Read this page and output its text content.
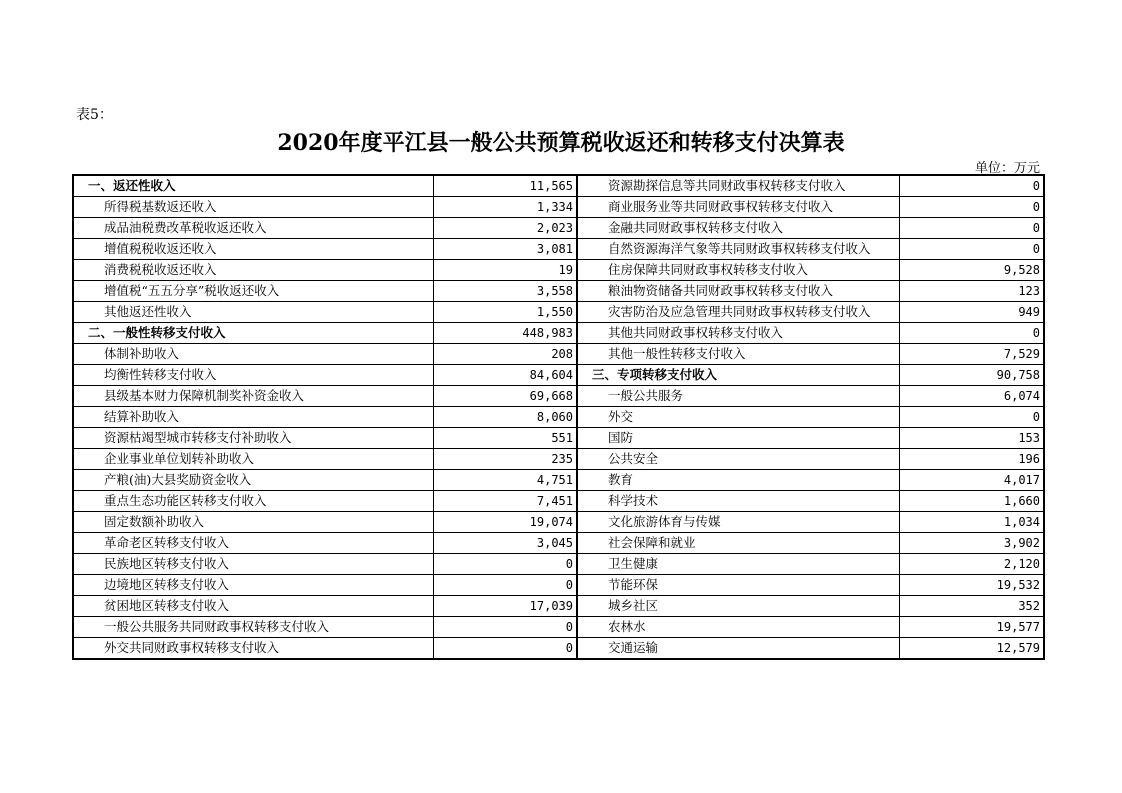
表5：
2020年度平江县一般公共预算税收返还和转移支付决算表
单位：万元
一、返还性收入	11,565	资源勘探信息等共同财政事权转移支付收入	0
所得税基数返还收入	1,334	商业服务业等共同财政事权转移支付收入	0
成品油税费改革税收返还收入	2,023	金融共同财政事权转移支付收入	0
增值税税收返还收入	3,081	自然资源海洋气象等共同财政事权转移支付收入	0
消费税税收返还收入	19	住房保障共同财政事权转移支付收入	9,528
增值税“五五分享”税收返还收入	3,558	粮油物资储备共同财政事权转移支付收入	123
其他返还性收入	1,550	灾害防治及应急管理共同财政事权转移支付收入	949
二、一般性转移支付收入	448,983	其他共同财政事权转移支付收入	0
体制补助收入	208	其他一般性转移支付收入	7,529
均衡性转移支付收入	84,604	三、专项转移支付收入	90,758
县级基本财力保障机制奖补资金收入	69,668	一般公共服务	6,074
结算补助收入	8,060	外交	0
资源枯竭型城市转移支付补助收入	551	国防	153
企业事业单位划转补助收入	235	公共安全	196
产粮(油)大县奖励资金收入	4,751	教育	4,017
重点生态功能区转移支付收入	7,451	科学技术	1,660
固定数额补助收入	19,074	文化旅游体育与传媒	1,034
革命老区转移支付收入	3,045	社会保障和就业	3,902
民族地区转移支付收入	0	卫生健康	2,120
边境地区转移支付收入	0	节能环保	19,532
贫困地区转移支付收入	17,039	城乡社区	352
一般公共服务共同财政事权转移支付收入	0	农林水	19,577
外交共同财政事权转移支付收入	0	交通运输	12,579
